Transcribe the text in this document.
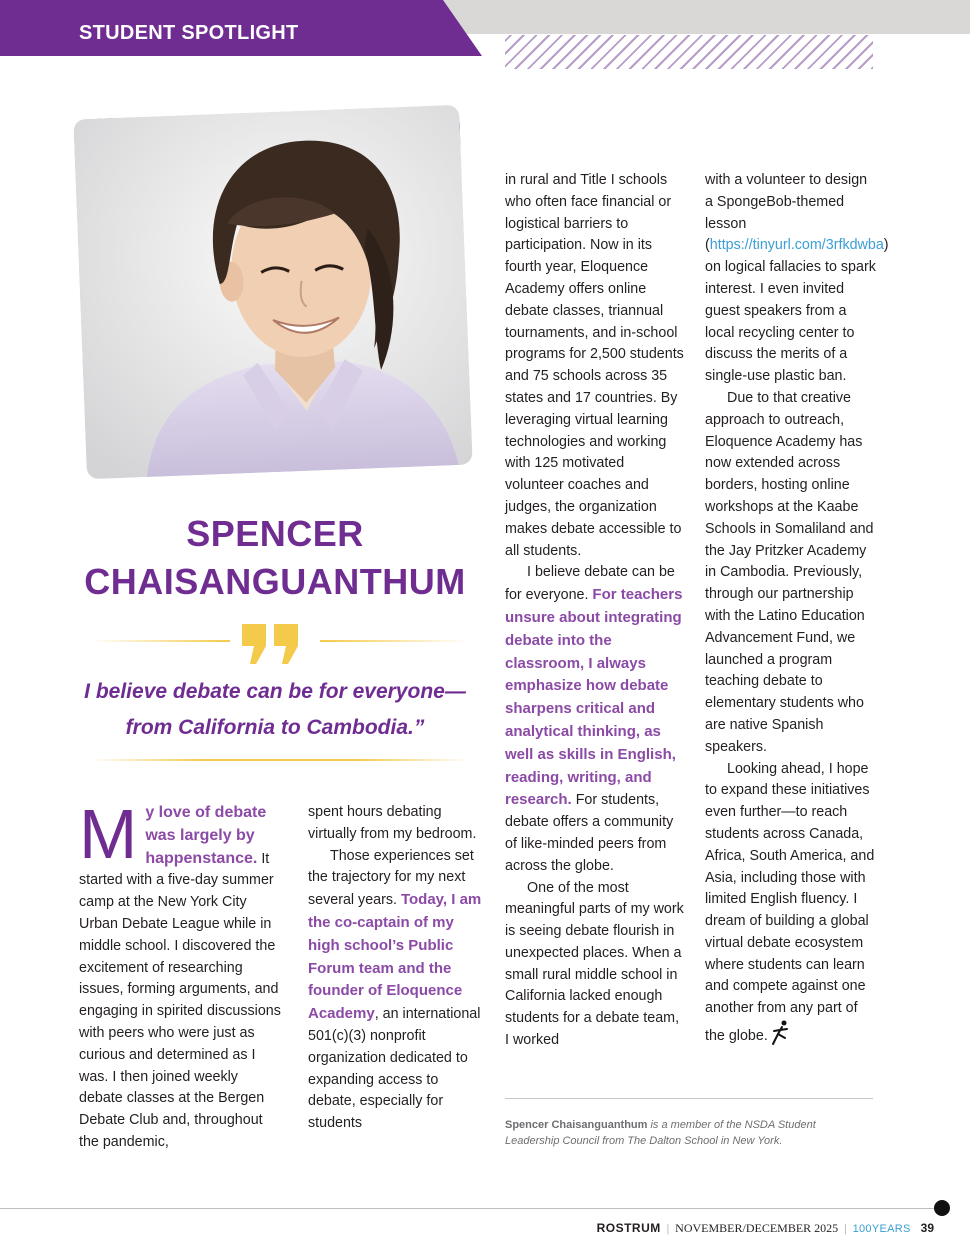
STUDENT SPOTLIGHT
SPENCER
CHAISANGUANTHUM
I believe debate can be for everyone—
from California to Cambodia.”

My love of debate was largely by happenstance. It started with a five-day summer camp at the New York City Urban Debate League while in middle school. I discovered the excitement of researching issues, forming arguments, and engaging in spirited discussions with peers who were just as curious and determined as I was. I then joined weekly debate classes at the Bergen Debate Club and, throughout the pandemic,

spent hours debating virtually from my bedroom.

Those experiences set the trajectory for my next several years. Today, I am the co-captain of my high school’s Public Forum team and the founder of Eloquence Academy, an international 501(c)(3) nonprofit organization dedicated to expanding access to debate, especially for students

in rural and Title I schools who often face financial or logistical barriers to participation. Now in its fourth year, Eloquence Academy offers online debate classes, triannual tournaments, and in-school programs for 2,500 students and 75 schools across 35 states and 17 countries. By leveraging virtual learning technologies and working with 125 motivated volunteer coaches and judges, the organization makes debate accessible to all students.

I believe debate can be for everyone. For teachers unsure about integrating debate into the classroom, I always emphasize how debate sharpens critical and analytical thinking, as well as skills in English, reading, writing, and research. For students, debate offers a community of like-minded peers from across the globe.

One of the most meaningful parts of my work is seeing debate flourish in unexpected places. When a small rural middle school in California lacked enough students for a debate team, I worked

with a volunteer to design a SpongeBob-themed lesson (https://tinyurl.com/3rfkdwba) on logical fallacies to spark interest. I even invited guest speakers from a local recycling center to discuss the merits of a single-use plastic ban.

Due to that creative approach to outreach, Eloquence Academy has now extended across borders, hosting online workshops at the Kaabe Schools in Somaliland and the Jay Pritzker Academy in Cambodia. Previously, through our partnership with the Latino Education Advancement Fund, we launched a program teaching debate to elementary students who are native Spanish speakers.

Looking ahead, I hope to expand these initiatives even further—to reach students across Canada, Africa, South America, and Asia, including those with limited English fluency. I dream of building a global virtual debate ecosystem where students can learn and compete against one another from any part of the globe.

Spencer Chaisanguanthum is a member of the NSDA Student Leadership Council from The Dalton School in New York.
ROSTRUM | NOVEMBER/DECEMBER 2025 | 100YEARS 39
